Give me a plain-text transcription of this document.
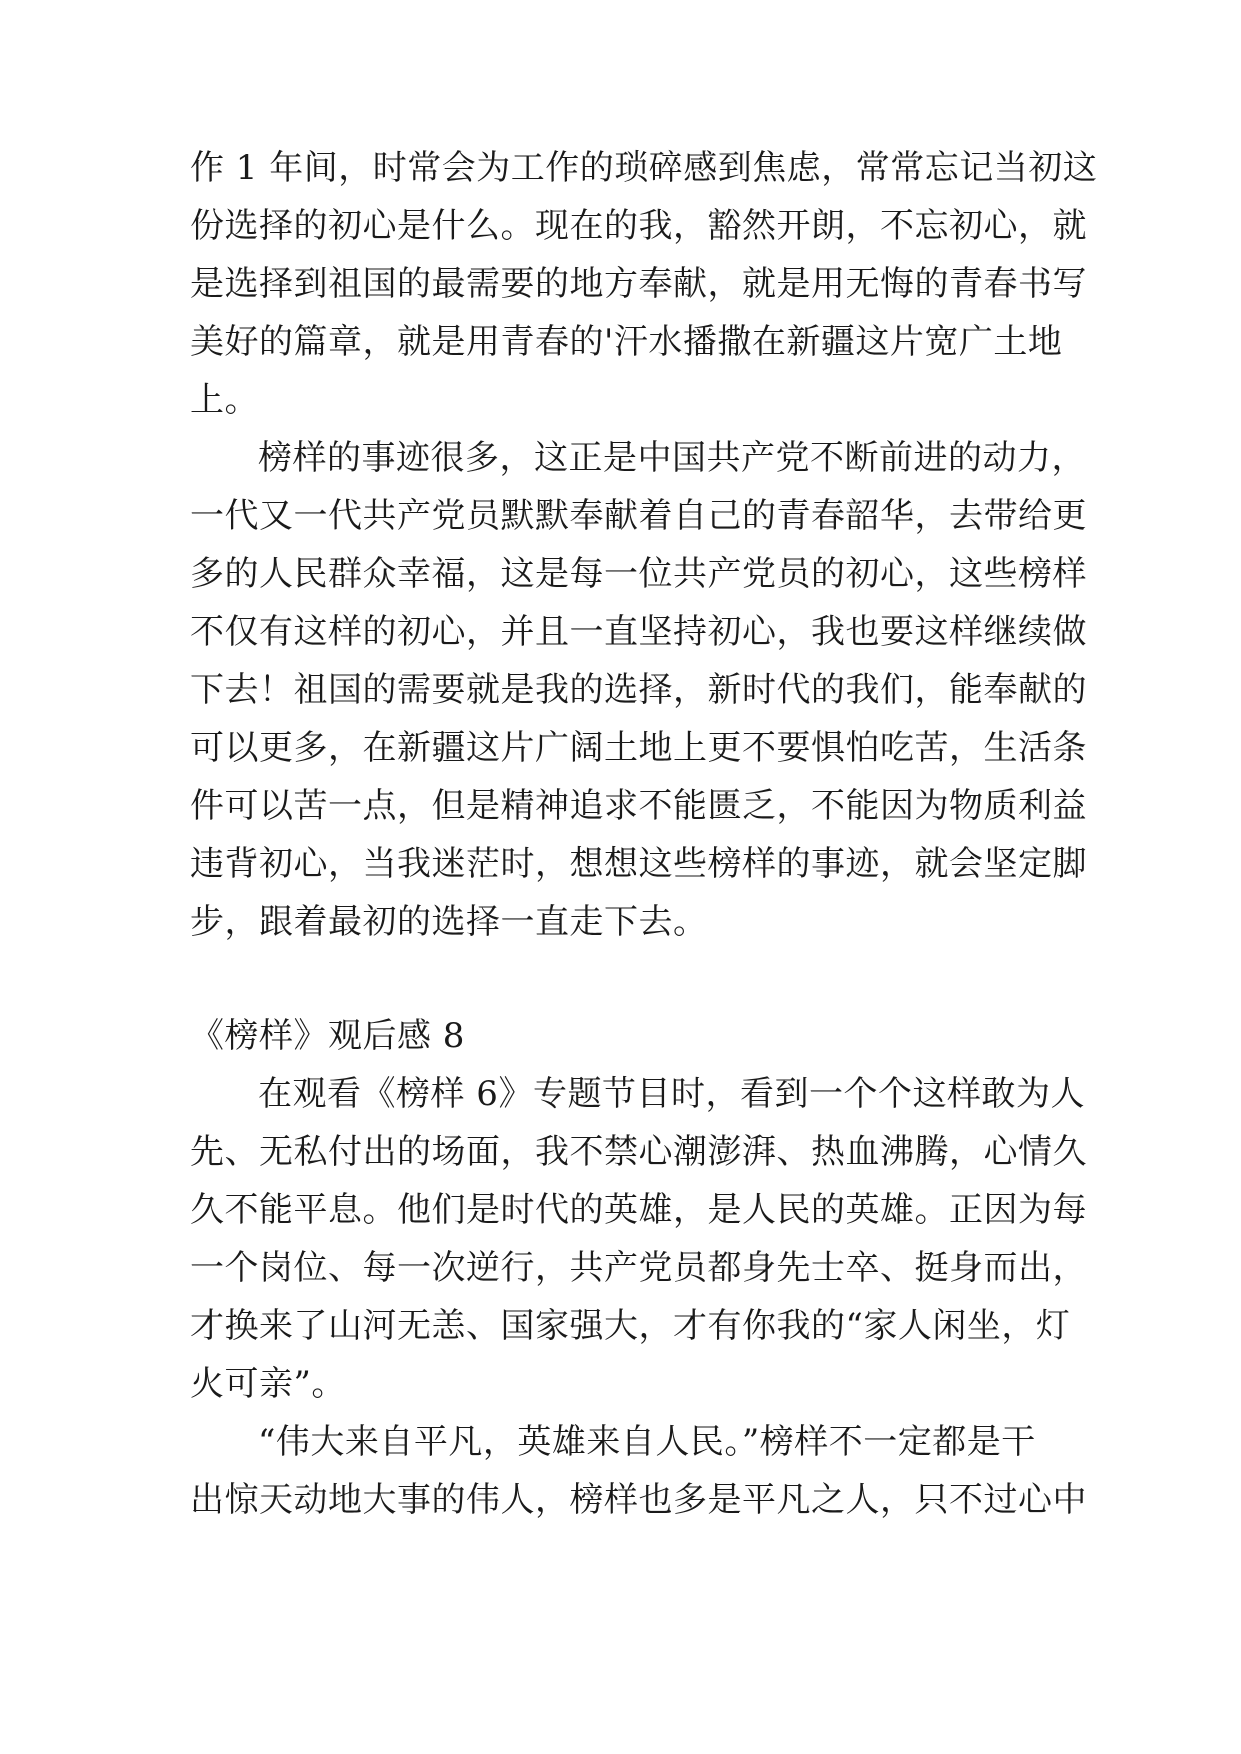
作 1 年间，时常会为工作的琐碎感到焦虑，常常忘记当初这
份选择的初心是什么。现在的我，豁然开朗，不忘初心，就
是选择到祖国的最需要的地方奉献，就是用无悔的青春书写
美好的篇章，就是用青春的'汗水播撒在新疆这片宽广土地
上。
榜样的事迹很多，这正是中国共产党不断前进的动力，
一代又一代共产党员默默奉献着自己的青春韶华，去带给更
多的人民群众幸福，这是每一位共产党员的初心，这些榜样
不仅有这样的初心，并且一直坚持初心，我也要这样继续做
下去！祖国的需要就是我的选择，新时代的我们，能奉献的
可以更多，在新疆这片广阔土地上更不要惧怕吃苦，生活条
件可以苦一点，但是精神追求不能匮乏，不能因为物质利益
违背初心，当我迷茫时，想想这些榜样的事迹，就会坚定脚
步，跟着最初的选择一直走下去。
《榜样》观后感 8
在观看《榜样 6》专题节目时，看到一个个这样敢为人
先、无私付出的场面，我不禁心潮澎湃、热血沸腾，心情久
久不能平息。他们是时代的英雄，是人民的英雄。正因为每
一个岗位、每一次逆行，共产党员都身先士卒、挺身而出，
才换来了山河无恙、国家强大，才有你我的“家人闲坐，灯
火可亲”。
“伟大来自平凡，英雄来自人民。”榜样不一定都是干
出惊天动地大事的伟人，榜样也多是平凡之人，只不过心中
